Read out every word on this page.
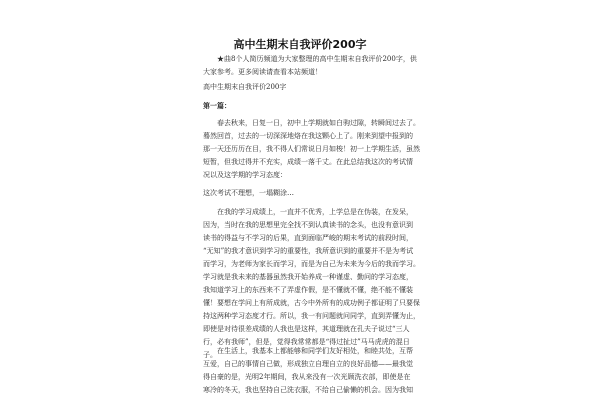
高中生期末自我评价200字
★曲8个人简历频道为大家整理的高中生期末自我评价200字，供
大家参考。更多阅读请查看本站频道！
高中生期末自我评价200字
第一篇：
春去秋来，日复一日，初中上学期就如白驹过隙，转瞬间过去了。
蓦然回首，过去的一切深深地烙在我这颗心上了。刚来到望中报到的
那一天还历历在目，我不得人们常说日月如梭！初一上学期生活，虽然
短暂，但我过得并不充实，成绩一落千丈。在此总结我这次的考试情
况以及这学期的学习态度：
这次考试不理想，一塌糊涂…
在我的学习成绩上，一直并不优秀，上学总是在伪装，在发呆，
因为，当时在我的思想里完全找不到认真读书的念头，也没有意识到
读书的得益与不学习的后果，直到面临严峻的期末考试的前段时间，
“无知”的我才意识到学习的重要性，我所意识到的重要并不是为考试
而学习，为老师为家长而学习，而是为自己为未来为今后的我而学习。
学习就是我未来的基器虽然我开始养成一种谨虚、勤问的学习态度，
我知道学习上的东西来不了弄虚作假，是不懂就不懂，绝不能不懂装
懂！要想在学问上有所成就，古今中外所有的成功例子都证明了只要保
持这两种学习态度才行。所以，我一有问题就问同学，直到弄懂为止，
即使是对待很差成绩的人我也是这样，其道理就在孔夫子说过“三人
行，必有我师”，但是，觉得我常常都是“得过扯过”马马虎虎的混日
子。 在生活上，我基本上都能够和同学们友好相处，和睦共处，互帮
互爱，自己的事情自己做，形成独立自理自立的良好品德——最我觉
得自豪的是，光明2年期间，我从来没有一次光顾洗衣部，即使是在
寒冷的冬天，我也坚持自己洗衣服，不给自己偷懒的机会。因为我知
